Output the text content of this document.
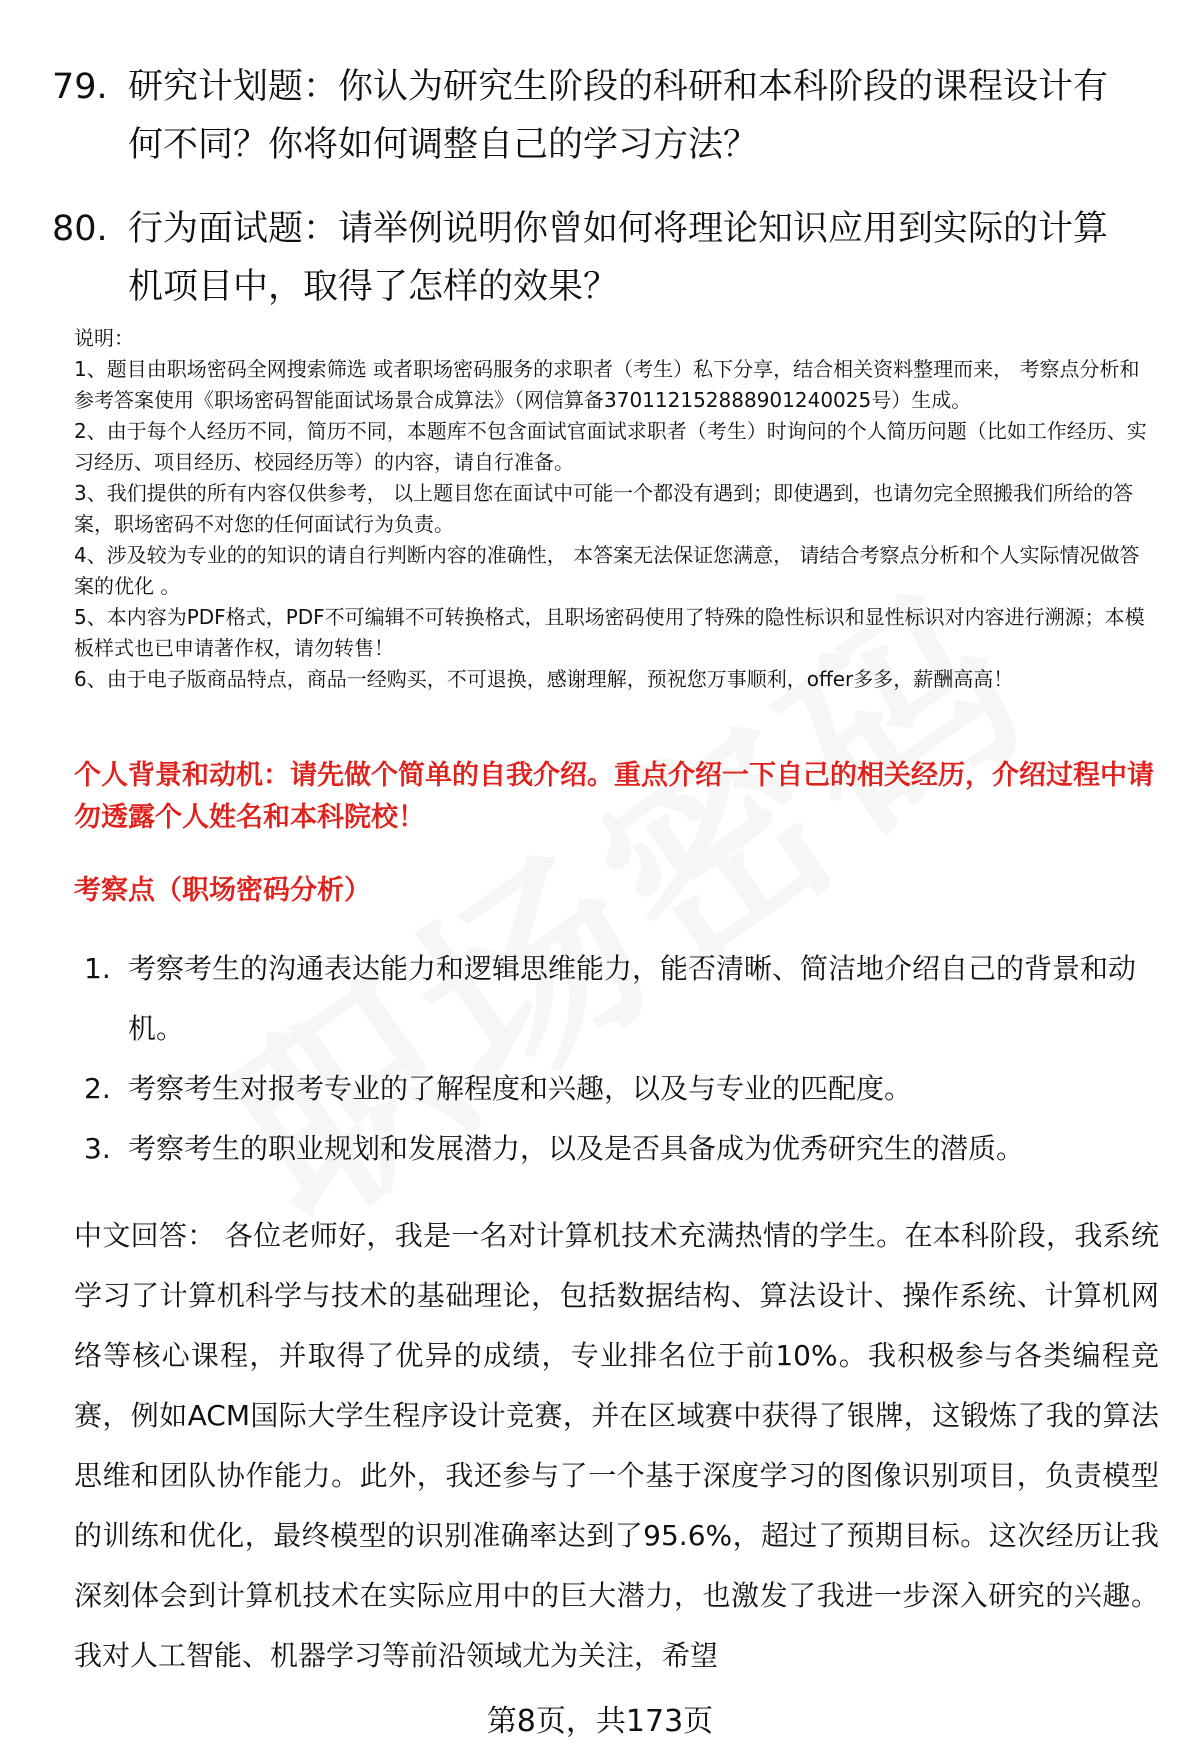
79. 研究计划题：你认为研究生阶段的科研和本科阶段的课程设计有何不同？你将如何调整自己的学习方法？
80. 行为面试题：请举例说明你曾如何将理论知识应用到实际的计算机项目中，取得了怎样的效果？

说明：

1、题目由职场密码全网搜索筛选 或者职场密码服务的求职者（考生）私下分享，结合相关资料整理而来， 考察点分析和参考答案使用《职场密码智能面试场景合成算法》（网信算备370112152888901240025号）生成。

2、由于每个人经历不同，简历不同，本题库不包含面试官面试求职者（考生）时询问的个人简历问题（比如工作经历、实习经历、项目经历、校园经历等）的内容，请自行准备。

3、我们提供的所有内容仅供参考， 以上题目您在面试中可能一个都没有遇到；即使遇到，也请勿完全照搬我们所给的答案，职场密码不对您的任何面试行为负责。

4、涉及较为专业的的知识的请自行判断内容的准确性， 本答案无法保证您满意， 请结合考察点分析和个人实际情况做答案的优化 。

5、本内容为PDF格式，PDF不可编辑不可转换格式，且职场密码使用了特殊的隐性标识和显性标识对内容进行溯源；本模板样式也已申请著作权，请勿转售！

6、由于电子版商品特点，商品一经购买，不可退换，感谢理解，预祝您万事顺利，offer多多，薪酬高高！

个人背景和动机：请先做个简单的自我介绍。重点介绍一下自己的相关经历，介绍过程中请勿透露个人姓名和本科院校！
考察点（职场密码分析）
1. 考察考生的沟通表达能力和逻辑思维能力，能否清晰、简洁地介绍自己的背景和动机。
2. 考察考生对报考专业的了解程度和兴趣，以及与专业的匹配度。
3. 考察考生的职业规划和发展潜力，以及是否具备成为优秀研究生的潜质。
中文回答： 各位老师好，我是一名对计算机技术充满热情的学生。在本科阶段，我系统学习了计算机科学与技术的基础理论，包括数据结构、算法设计、操作系统、计算机网络等核心课程，并取得了优异的成绩，专业排名位于前10%。我积极参与各类编程竞赛，例如ACM国际大学生程序设计竞赛，并在区域赛中获得了银牌，这锻炼了我的算法思维和团队协作能力。此外，我还参与了一个基于深度学习的图像识别项目，负责模型的训练和优化，最终模型的识别准确率达到了95.6%，超过了预期目标。这次经历让我深刻体会到计算机技术在实际应用中的巨大潜力，也激发了我进一步深入研究的兴趣。我对人工智能、机器学习等前沿领域尤为关注，希望
第8页，共173页
